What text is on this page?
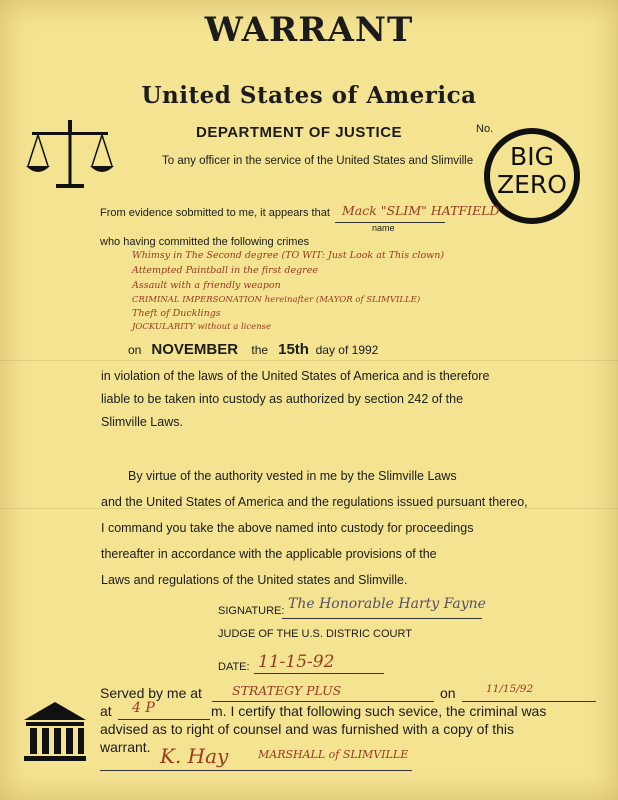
WARRANT
United States of America
DEPARTMENT OF JUSTICE	No.
To any officer in the service of the United States and Slimville	BIG
ZERO
From evidence sobmitted to me, it appears that Mack "SLIM" HATFIELD
name
who having committed the following crimes
Whimsy in The Second degree (TO WIT: Just Look at This clown)
Attempted Paintball in the first degree
Assault with a friendly weapon
CRIMINAL IMPERSONATION hereinafter (MAYOR of SLIMVILLE)
Theft of Ducklings
JOCKULARITY without a license
on NOVEMBER the 15th day of 1992
in violation of the laws of the United States of America and is therefore
liable to be taken into custody as authorized by section 242 of the
Slimville Laws.
By virtue of the authority vested in me by the Slimville Laws
and the United States of America and the regulations issued pursuant thereo,
I command you take the above named into custody for proceedings
thereafter in accordance with the applicable provisions of the
Laws and regulations of the United states and Slimville.
SIGNATURE: The Honorable Harty Fayne
JUDGE OF THE U.S. DISTRIC COURT
DATE: 11-15-92
Served by me at STRATEGY PLUS	on	11/15/92
at 4 P	m. I certify that following such sevice, the criminal was
advised as to right of counsel and was furnished with a copy of this
warrant. K. Hay	MARSHALL of SLIMVILLE
